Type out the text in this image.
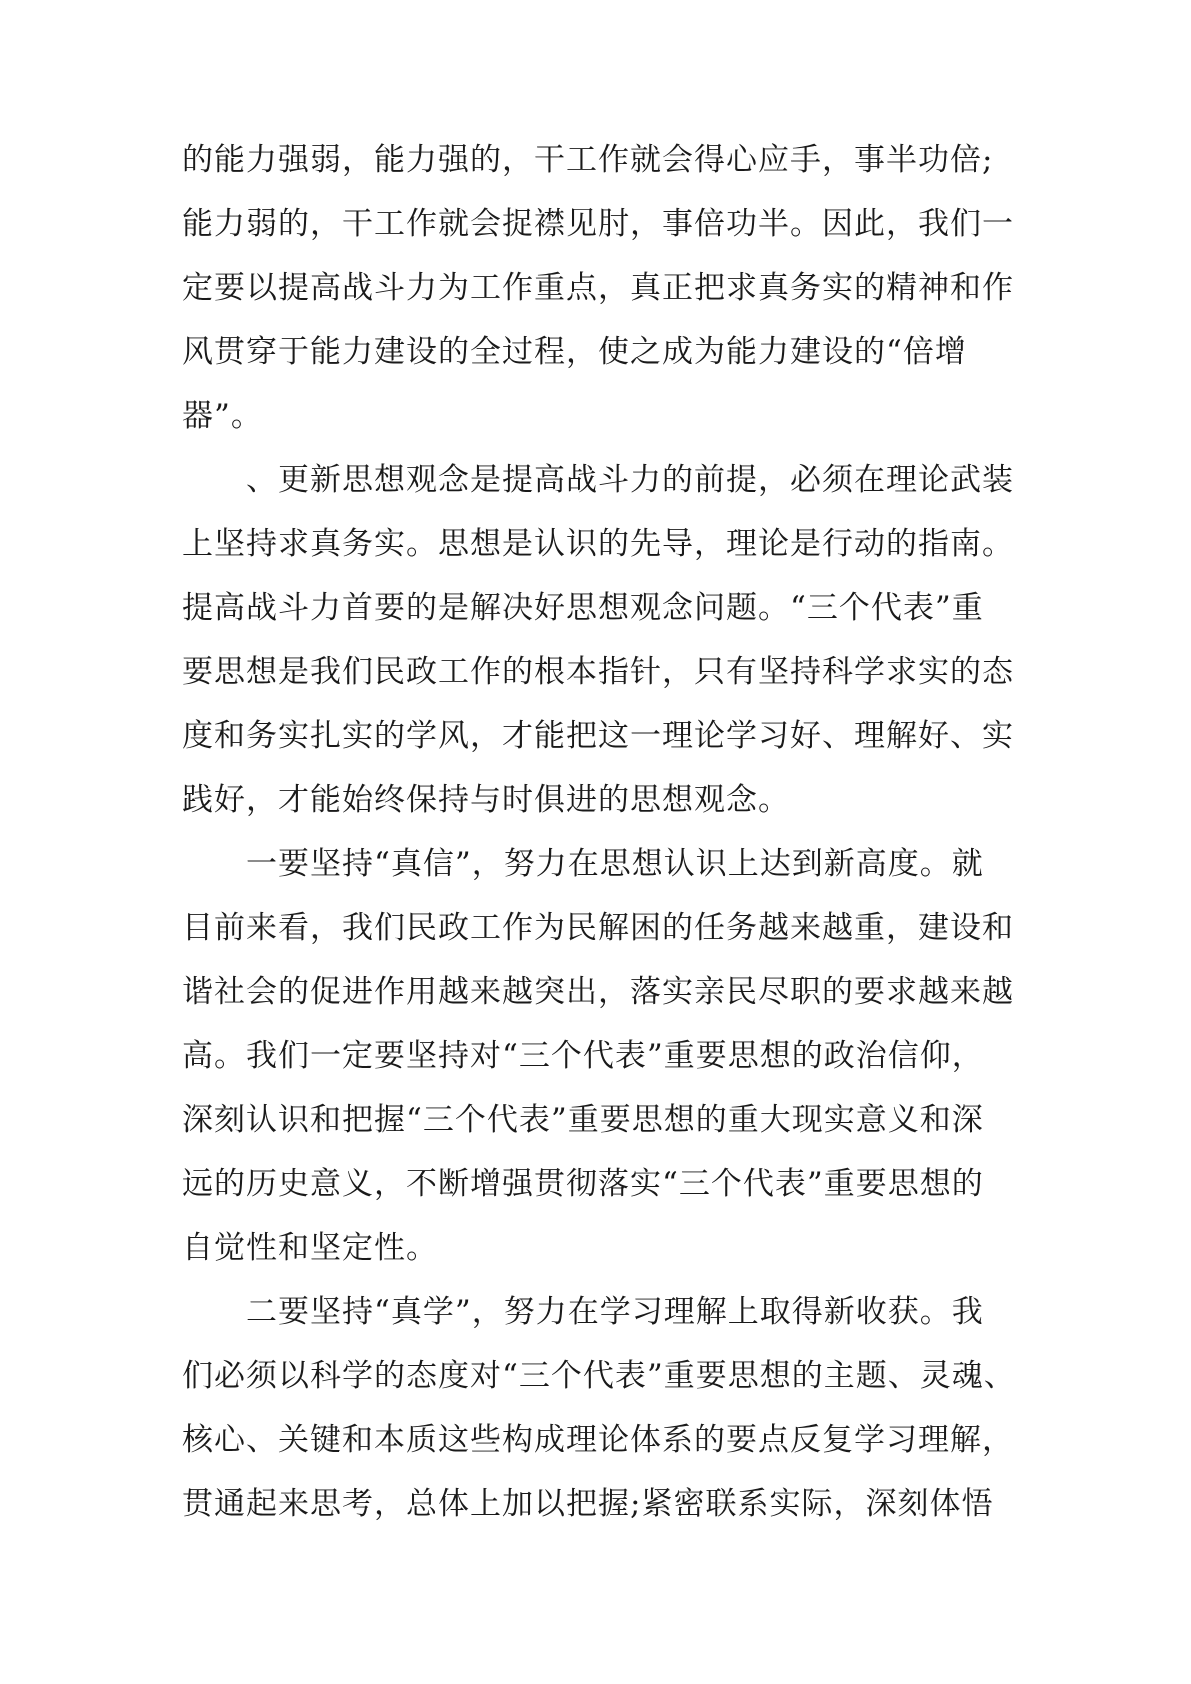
的能力强弱，能力强的，干工作就会得心应手，事半功倍;
能力弱的，干工作就会捉襟见肘，事倍功半。因此，我们一
定要以提高战斗力为工作重点，真正把求真务实的精神和作
风贯穿于能力建设的全过程，使之成为能力建设的“倍增
器”。
、更新思想观念是提高战斗力的前提，必须在理论武装
上坚持求真务实。思想是认识的先导，理论是行动的指南。
提高战斗力首要的是解决好思想观念问题。“三个代表”重
要思想是我们民政工作的根本指针，只有坚持科学求实的态
度和务实扎实的学风，才能把这一理论学习好、理解好、实
践好，才能始终保持与时俱进的思想观念。
一要坚持“真信”，努力在思想认识上达到新高度。就
目前来看，我们民政工作为民解困的任务越来越重，建设和
谐社会的促进作用越来越突出，落实亲民尽职的要求越来越
高。我们一定要坚持对“三个代表”重要思想的政治信仰，
深刻认识和把握“三个代表”重要思想的重大现实意义和深
远的历史意义，不断增强贯彻落实“三个代表”重要思想的
自觉性和坚定性。
二要坚持“真学”，努力在学习理解上取得新收获。我
们必须以科学的态度对“三个代表”重要思想的主题、灵魂、
核心、关键和本质这些构成理论体系的要点反复学习理解，
贯通起来思考，总体上加以把握;紧密联系实际，深刻体悟
